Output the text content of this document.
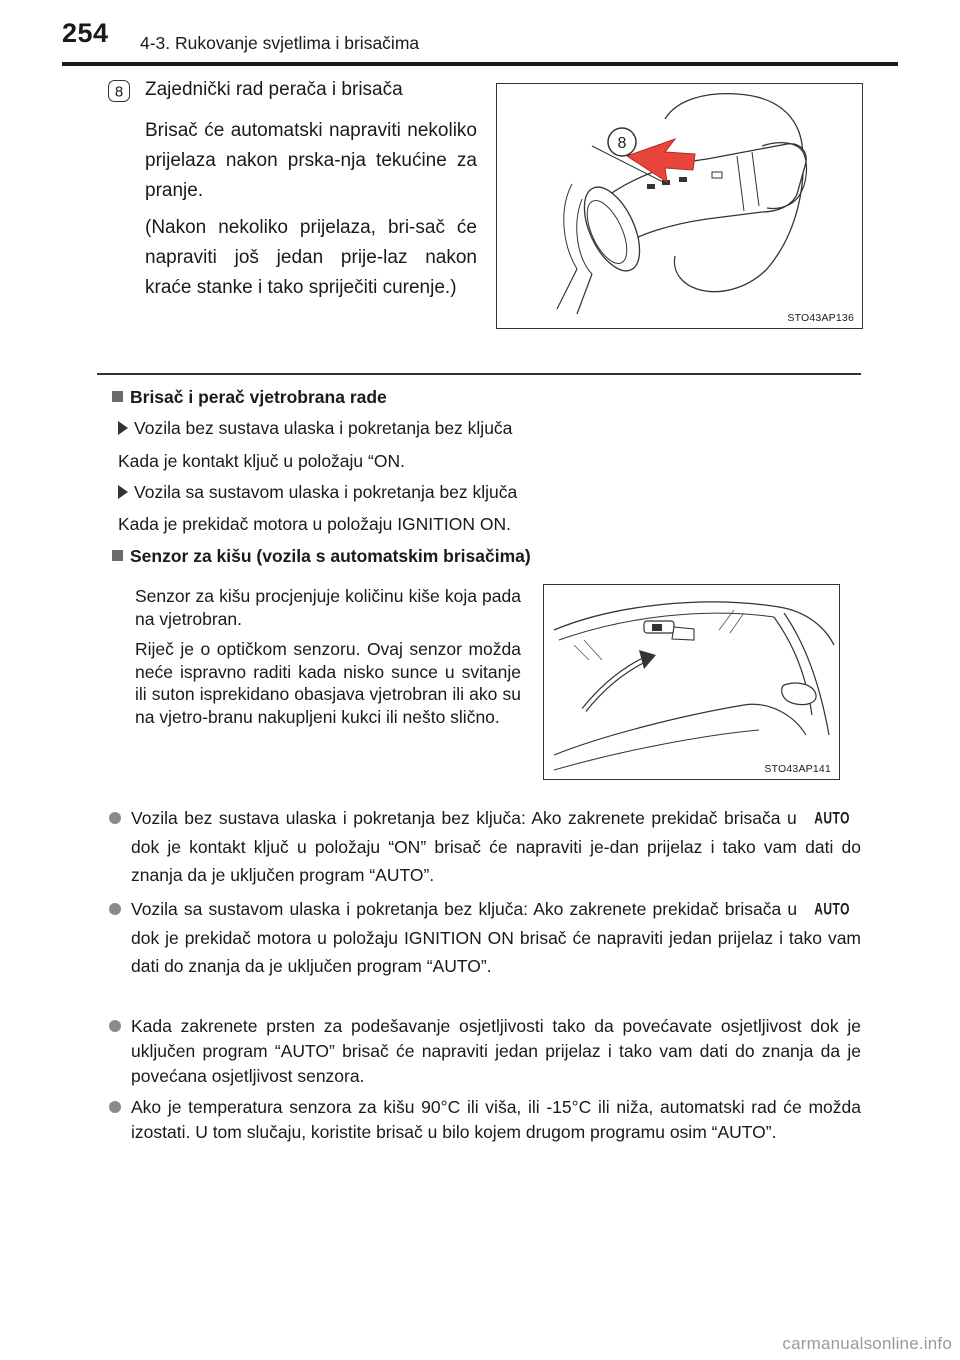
254 4-3. Rukovanje svjetlima i brisačima
8 Zajednički rad perača i brisača

Brisač će automatski napraviti nekoliko prijelaza nakon prska-nja tekućine za pranje.

(Nakon nekoliko prijelaza, bri-sač će napraviti još jedan prije-laz nakon kraće stanke i tako spriječiti curenje.)

8
STO43AP136
Brisač i perač vjetrobrana rade
Vozila bez sustava ulaska i pokretanja bez ključa
Kada je kontakt ključ u položaju “ON.
Vozila sa sustavom ulaska i pokretanja bez ključa
Kada je prekidač motora u položaju IGNITION ON.
Senzor za kišu (vozila s automatskim brisačima)

Senzor za kišu procjenjuje količinu kiše koja pada na vjetrobran.

Riječ je o optičkom senzoru. Ovaj senzor možda neće ispravno raditi kada nisko sunce u svitanje ili suton isprekidano obasjava vjetrobran ili ako su na vjetro-branu nakupljeni kukci ili nešto slično.

STO43AP141
Vozila bez sustava ulaska i pokretanja bez ključa: Ako zakrenete prekidač brisača u AUTO dok je kontakt ključ u položaju “ON” brisač će napraviti je-dan prijelaz i tako vam dati do znanja da je uključen program “AUTO”.
Vozila sa sustavom ulaska i pokretanja bez ključa: Ako zakrenete prekidač brisača u AUTO dok je prekidač motora u položaju IGNITION ON brisač će napraviti jedan prijelaz i tako vam dati do znanja da je uključen program “AUTO”.
Kada zakrenete prsten za podešavanje osjetljivosti tako da povećavate osjetljivost dok je uključen program “AUTO” brisač će napraviti jedan prijelaz i tako vam dati do znanja da je povećana osjetljivost senzora.
Ako je temperatura senzora za kišu 90°C ili viša, ili -15°C ili niža, automatski rad će možda izostati. U tom slučaju, koristite brisač u bilo kojem drugom programu osim “AUTO”.
carmanualsonline.info
